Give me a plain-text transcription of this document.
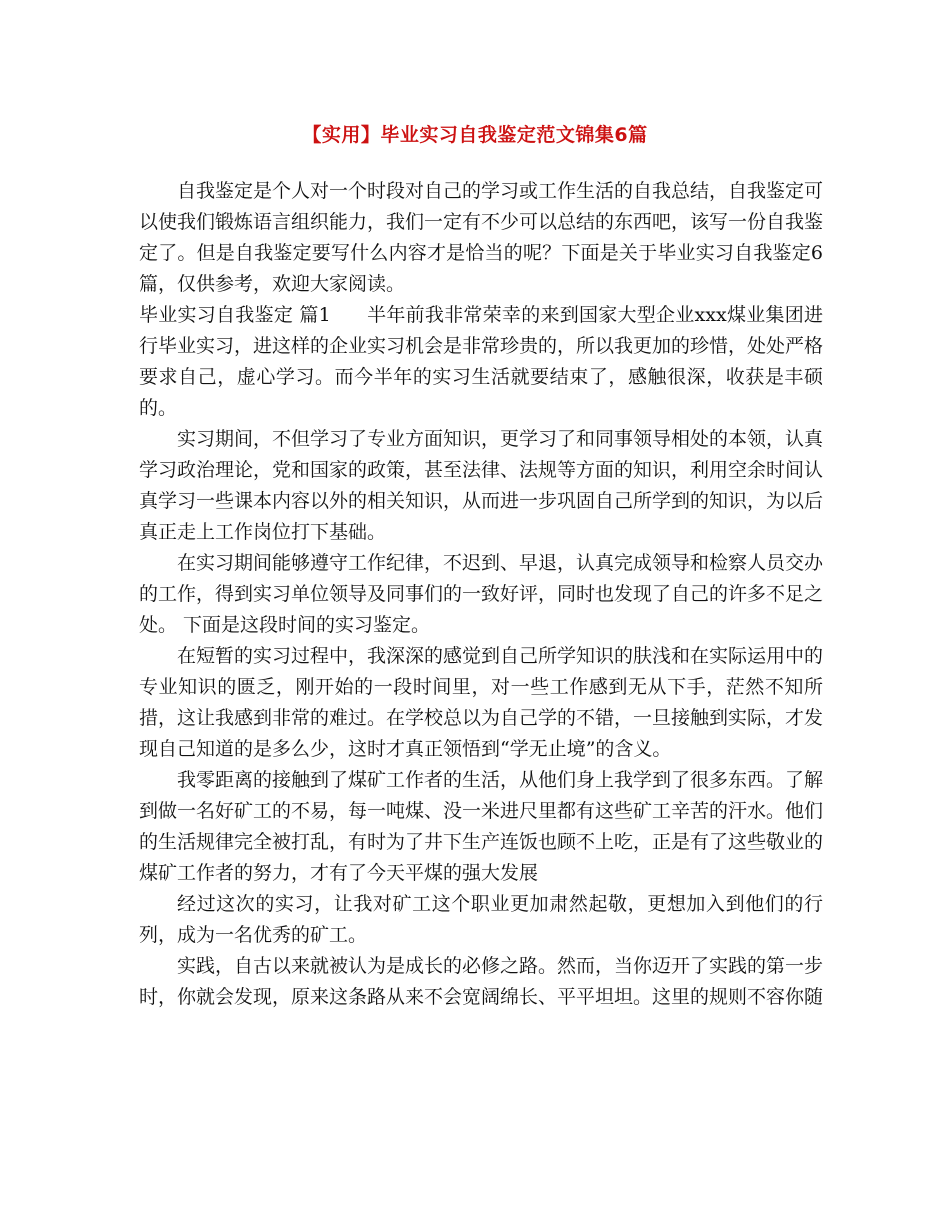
【实用】毕业实习自我鉴定范文锦集6篇

自我鉴定是个人对一个时段对自己的学习或工作生活的自我总结，自我鉴定可以使我们锻炼语言组织能力，我们一定有不少可以总结的东西吧，该写一份自我鉴定了。但是自我鉴定要写什么内容才是恰当的呢？下面是关于毕业实习自我鉴定6篇，仅供参考，欢迎大家阅读。

毕业实习自我鉴定 篇1 半年前我非常荣幸的来到国家大型企业xxx煤业集团进行毕业实习，进这样的企业实习机会是非常珍贵的，所以我更加的珍惜，处处严格要求自己，虚心学习。而今半年的实习生活就要结束了，感触很深，收获是丰硕的。

实习期间，不但学习了专业方面知识，更学习了和同事领导相处的本领，认真学习政治理论，党和国家的政策，甚至法律、法规等方面的知识，利用空余时间认真学习一些课本内容以外的相关知识，从而进一步巩固自己所学到的知识，为以后真正走上工作岗位打下基础。

在实习期间能够遵守工作纪律，不迟到、早退，认真完成领导和检察人员交办的工作，得到实习单位领导及同事们的一致好评，同时也发现了自己的许多不足之处。 下面是这段时间的实习鉴定。

在短暂的实习过程中，我深深的感觉到自己所学知识的肤浅和在实际运用中的专业知识的匮乏，刚开始的一段时间里，对一些工作感到无从下手，茫然不知所措，这让我感到非常的难过。在学校总以为自己学的不错，一旦接触到实际，才发现自己知道的是多么少，这时才真正领悟到“学无止境”的含义。

我零距离的接触到了煤矿工作者的生活，从他们身上我学到了很多东西。了解到做一名好矿工的不易，每一吨煤、没一米进尺里都有这些矿工辛苦的汗水。他们的生活规律完全被打乱，有时为了井下生产连饭也顾不上吃，正是有了这些敬业的煤矿工作者的努力，才有了今天平煤的强大发展

经过这次的实习，让我对矿工这个职业更加肃然起敬，更想加入到他们的行列，成为一名优秀的矿工。

实践，自古以来就被认为是成长的必修之路。然而，当你迈开了实践的第一步时，你就会发现，原来这条路从来不会宽阔绵长、平平坦坦。这里的规则不容你随
